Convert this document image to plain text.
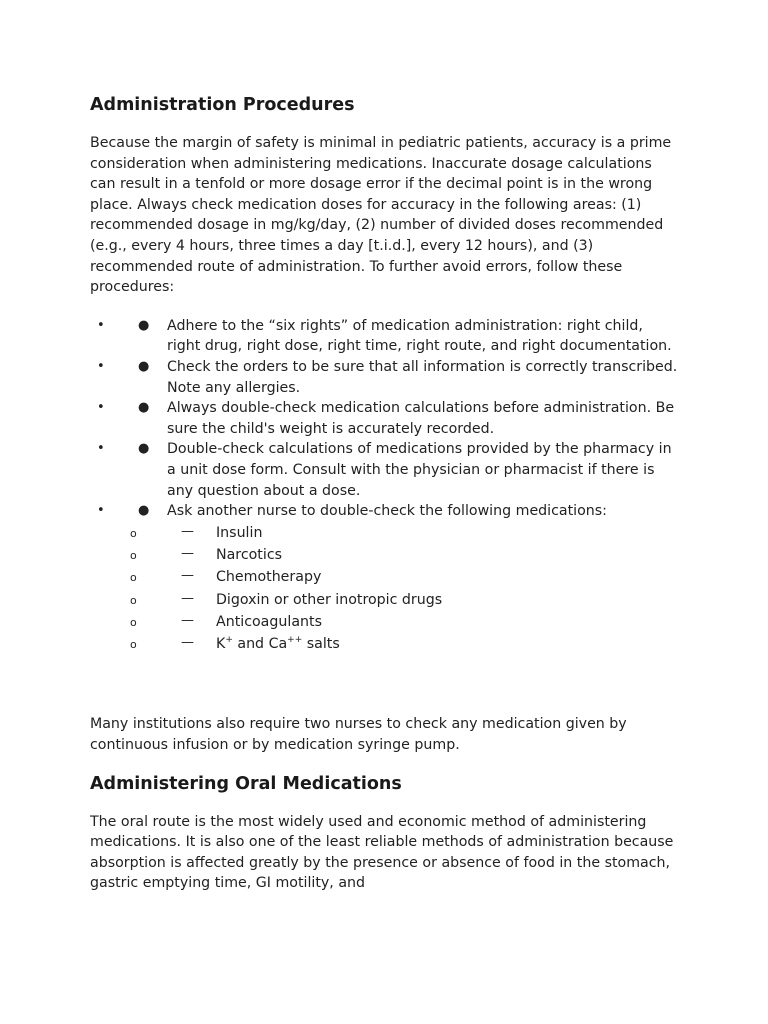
Administration Procedures

Because the margin of safety is minimal in pediatric patients, accuracy is a prime consideration when administering medications. Inaccurate dosage calculations can result in a tenfold or more dosage error if the decimal point is in the wrong place. Always check medication doses for accuracy in the following areas: (1) recommended dosage in mg/kg/day, (2) number of divided doses recommended (e.g., every 4 hours, three times a day [t.i.d.], every 12 hours), and (3) recommended route of administration. To further avoid errors, follow these procedures:

•	●	Adhere to the “six rights” of medication administration: right child, right drug, right dose, right time, right route, and right documentation.
•	●	Check the orders to be sure that all information is correctly transcribed. Note any allergies.
•	●	Always double-check medication calculations before administration. Be sure the child's weight is accurately recorded.
•	●	Double-check calculations of medications provided by the pharmacy in a unit dose form. Consult with the physician or pharmacist if there is any question about a dose.
•	●	Ask another nurse to double-check the following medications:
o	— Insulin
o	— Narcotics
o	— Chemotherapy
o	— Digoxin or other inotropic drugs
o	— Anticoagulants
o	— K+ and Ca++ salts

Many institutions also require two nurses to check any medication given by continuous infusion or by medication syringe pump.

Administering Oral Medications

The oral route is the most widely used and economic method of administering medications. It is also one of the least reliable methods of administration because absorption is affected greatly by the presence or absence of food in the stomach, gastric emptying time, GI motility, and
